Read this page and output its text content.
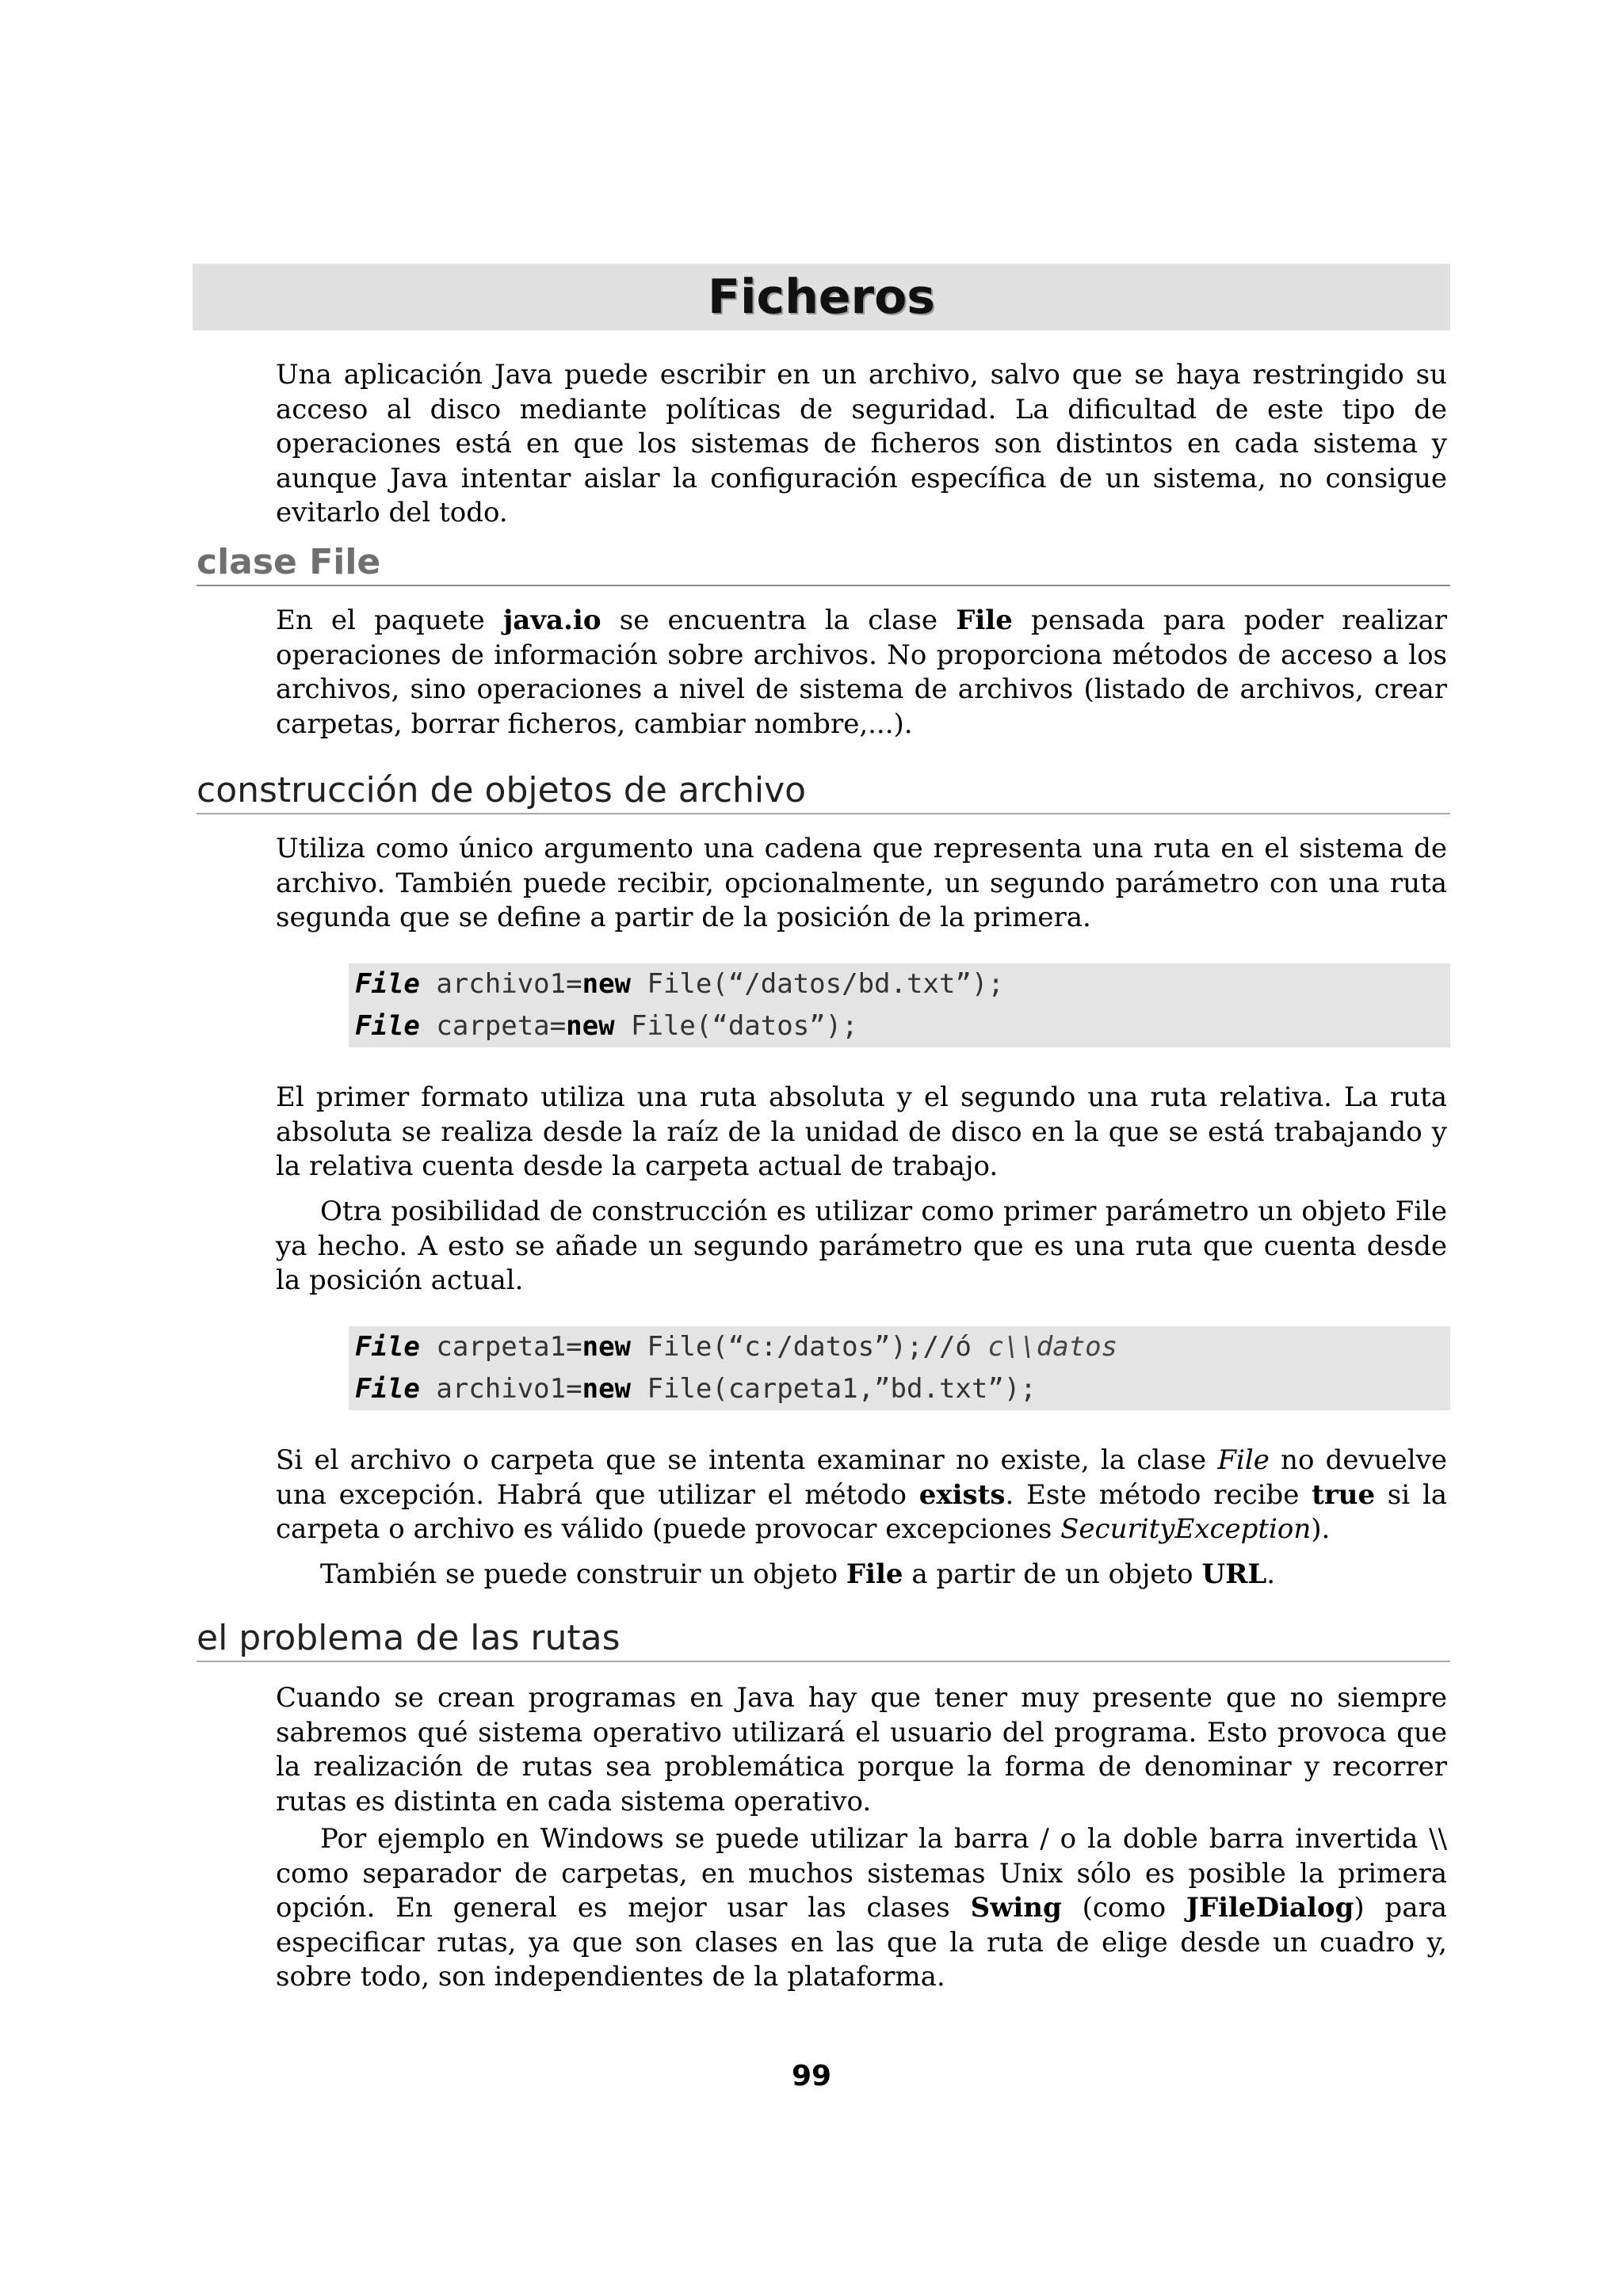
Ficheros

Una aplicación Java puede escribir en un archivo, salvo que se haya restringido su acceso al disco mediante políticas de seguridad. La dificultad de este tipo de operaciones está en que los sistemas de ficheros son distintos en cada sistema y aunque Java intentar aislar la configuración específica de un sistema, no consigue evitarlo del todo.

clase File

En el paquete java.io se encuentra la clase File pensada para poder realizar operaciones de información sobre archivos. No proporciona métodos de acceso a los archivos, sino operaciones a nivel de sistema de archivos (listado de archivos, crear carpetas, borrar ficheros, cambiar nombre,...).

construcción de objetos de archivo

Utiliza como único argumento una cadena que representa una ruta en el sistema de archivo. También puede recibir, opcionalmente, un segundo parámetro con una ruta segunda que se define a partir de la posición de la primera.

File archivo1=new File(“/datos/bd.txt”);
File carpeta=new File(“datos”);

El primer formato utiliza una ruta absoluta y el segundo una ruta relativa. La ruta absoluta se realiza desde la raíz de la unidad de disco en la que se está trabajando y la relativa cuenta desde la carpeta actual de trabajo.

Otra posibilidad de construcción es utilizar como primer parámetro un objeto File ya hecho. A esto se añade un segundo parámetro que es una ruta que cuenta desde la posición actual.

File carpeta1=new File(“c:/datos”);//ó c\\datos
File archivo1=new File(carpeta1,”bd.txt”);

Si el archivo o carpeta que se intenta examinar no existe, la clase File no devuelve una excepción. Habrá que utilizar el método exists. Este método recibe true si la carpeta o archivo es válido (puede provocar excepciones SecurityException).

También se puede construir un objeto File a partir de un objeto URL.

el problema de las rutas

Cuando se crean programas en Java hay que tener muy presente que no siempre sabremos qué sistema operativo utilizará el usuario del programa. Esto provoca que la realización de rutas sea problemática porque la forma de denominar y recorrer rutas es distinta en cada sistema operativo.

Por ejemplo en Windows se puede utilizar la barra / o la doble barra invertida \\ como separador de carpetas, en muchos sistemas Unix sólo es posible la primera opción. En general es mejor usar las clases Swing (como JFileDialog) para especificar rutas, ya que son clases en las que la ruta de elige desde un cuadro y, sobre todo, son independientes de la plataforma.

99
